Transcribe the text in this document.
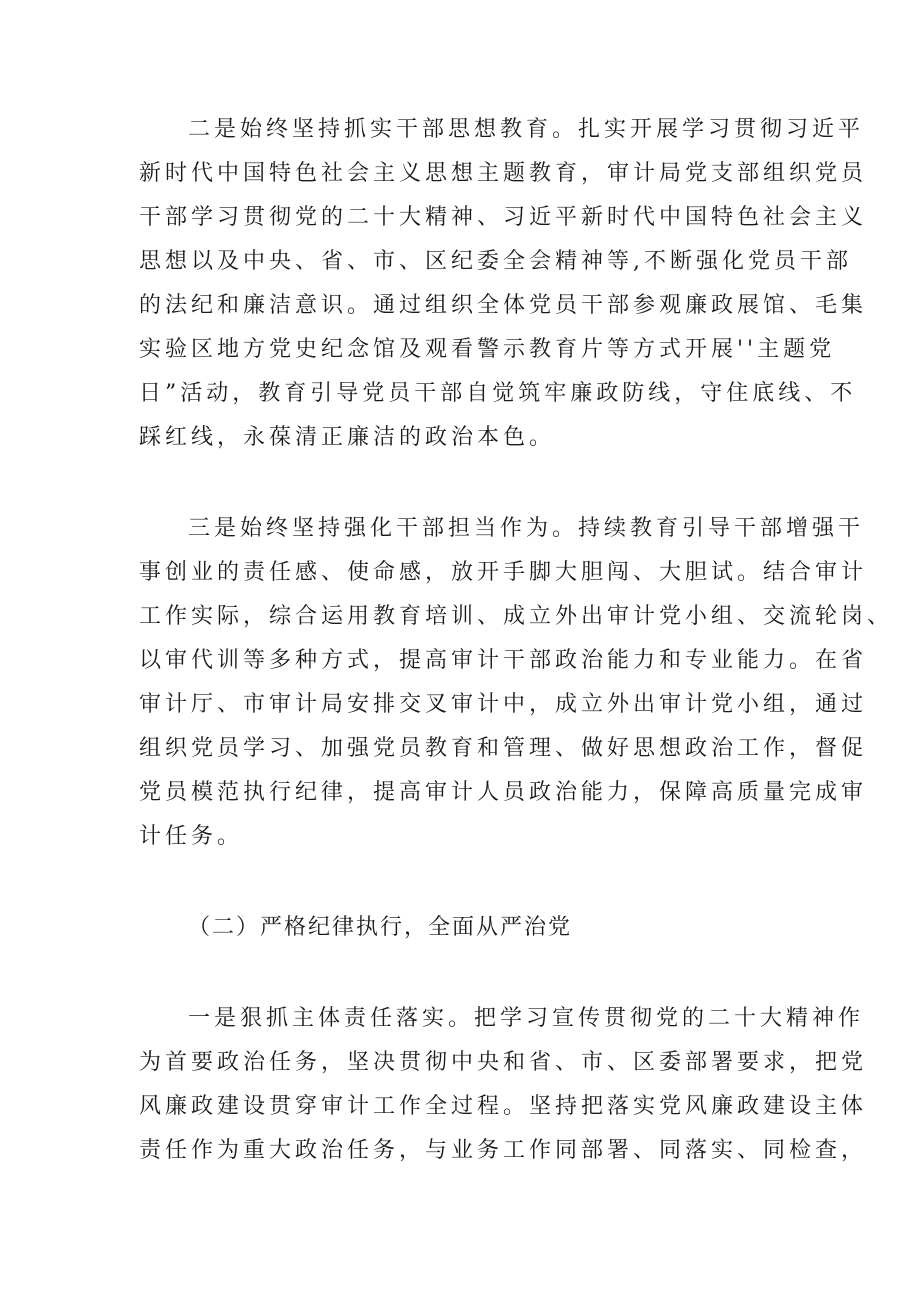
二是始终坚持抓实干部思想教育。扎实开展学习贯彻习近平
新时代中国特色社会主义思想主题教育，审计局党支部组织党员
干部学习贯彻党的二十大精神、习近平新时代中国特色社会主义
思想以及中央、省、市、区纪委全会精神等,不断强化党员干部
的法纪和廉洁意识。通过组织全体党员干部参观廉政展馆、毛集
实验区地方党史纪念馆及观看警示教育片等方式开展''主题党
日”活动，教育引导党员干部自觉筑牢廉政防线，守住底线、不
踩红线，永葆清正廉洁的政治本色。
三是始终坚持强化干部担当作为。持续教育引导干部增强干
事创业的责任感、使命感，放开手脚大胆闯、大胆试。结合审计
工作实际，综合运用教育培训、成立外出审计党小组、交流轮岗、
以审代训等多种方式，提高审计干部政治能力和专业能力。在省
审计厅、市审计局安排交叉审计中，成立外出审计党小组，通过
组织党员学习、加强党员教育和管理、做好思想政治工作，督促
党员模范执行纪律，提高审计人员政治能力，保障高质量完成审
计任务。
（二）严格纪律执行，全面从严治党
一是狠抓主体责任落实。把学习宣传贯彻党的二十大精神作
为首要政治任务，坚决贯彻中央和省、市、区委部署要求，把党
风廉政建设贯穿审计工作全过程。坚持把落实党风廉政建设主体
责任作为重大政治任务，与业务工作同部署、同落实、同检查，
